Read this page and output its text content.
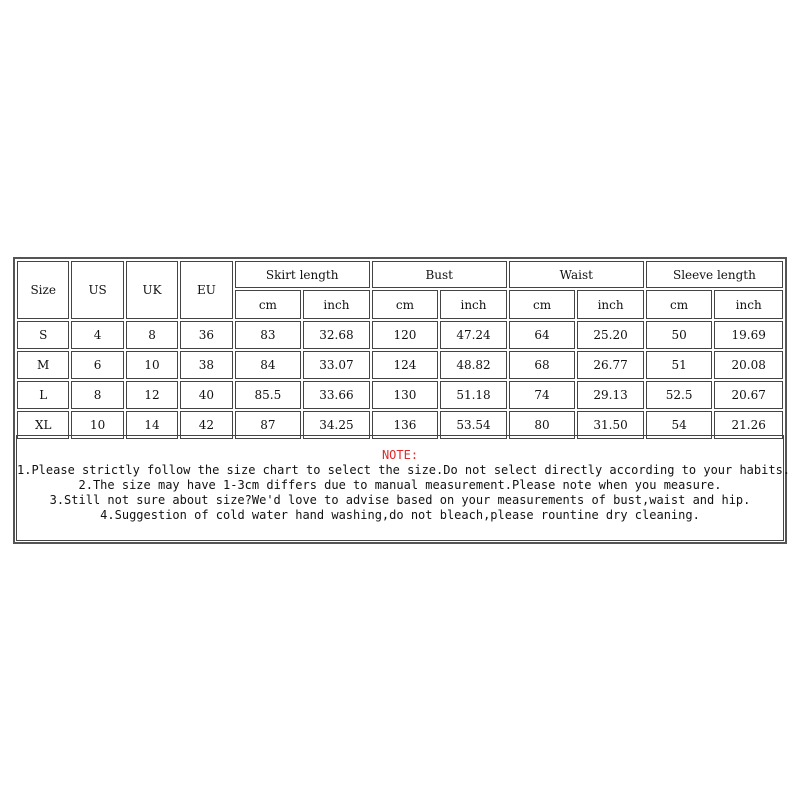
Size	US	UK	EU	Skirt length		Bust		Waist		Sleeve length	
				cm	inch	cm	inch	cm	inch	cm	inch
S	4	8	36	83	32.68	120	47.24	64	25.20	50	19.69
M	6	10	38	84	33.07	124	48.82	68	26.77	51	20.08
L	8	12	40	85.5	33.66	130	51.18	74	29.13	52.5	20.67
XL	10	14	42	87	34.25	136	53.54	80	31.50	54	21.26
NOTE:
1.Please strictly follow the size chart to select the size.Do not select directly according to your habits.
2.The size may have 1-3cm differs due to manual measurement.Please note when you measure.
3.Still not sure about size?We'd love to advise based on your measurements of bust,waist and hip.
4.Suggestion of cold water hand washing,do not bleach,please rountine dry cleaning.
